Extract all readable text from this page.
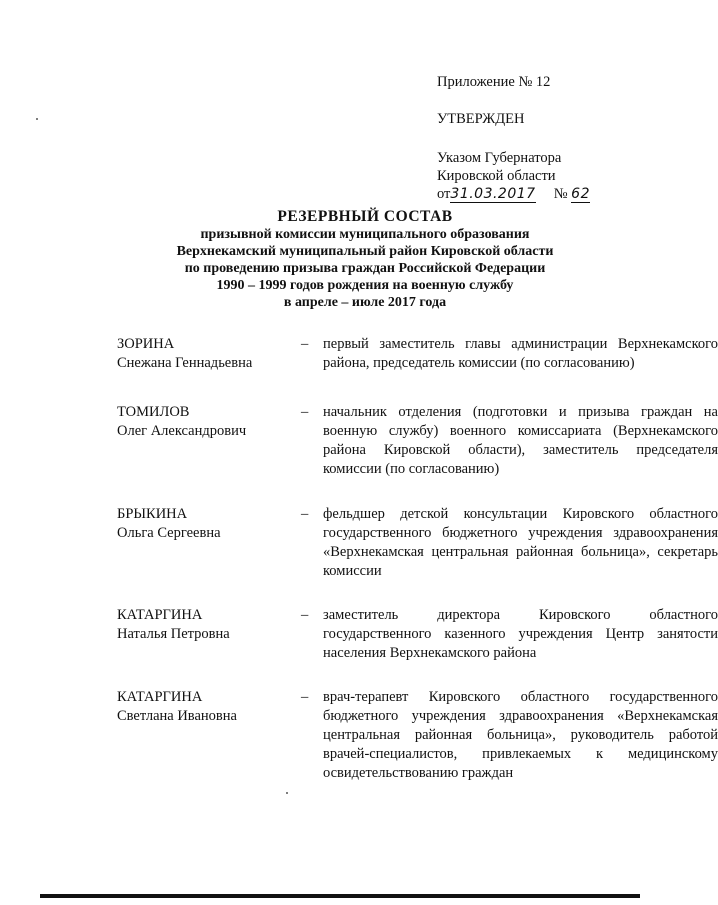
Приложение № 12
УТВЕРЖДЕН
Указом Губернатора
Кировской области
от31.03.2017 № 62
РЕЗЕРВНЫЙ СОСТАВ
призывной комиссии муниципального образования
Верхнекамский муниципальный район Кировской области
по проведению призыва граждан Российской Федерации
1990 – 1999 годов рождения на военную службу
в апреле – июле 2017 года
ЗОРИНА
Снежана Геннадьевна
– первый заместитель главы администрации Верхнекамского района, председатель комиссии (по согласованию)
ТОМИЛОВ
Олег Александрович
– начальник отделения (подготовки и призыва граждан на военную службу) военного комиссариата (Верхнекамского района Кировской области), заместитель председателя комиссии (по согласованию)
БРЫКИНА
Ольга Сергеевна
– фельдшер детской консультации Кировского областного государственного бюджетного учреждения здравоохранения «Верхнекамская центральная районная больница», секретарь комиссии
КАТАРГИНА
Наталья Петровна
– заместитель директора Кировского областного государственного казенного учреждения Центр занятости населения Верхнекамского района
КАТАРГИНА
Светлана Ивановна
– врач-терапевт Кировского областного государственного бюджетного учреждения здравоохранения «Верхнекамская центральная районная больница», руководитель работой врачей-специалистов, привлекаемых к медицинскому освидетельствованию граждан
